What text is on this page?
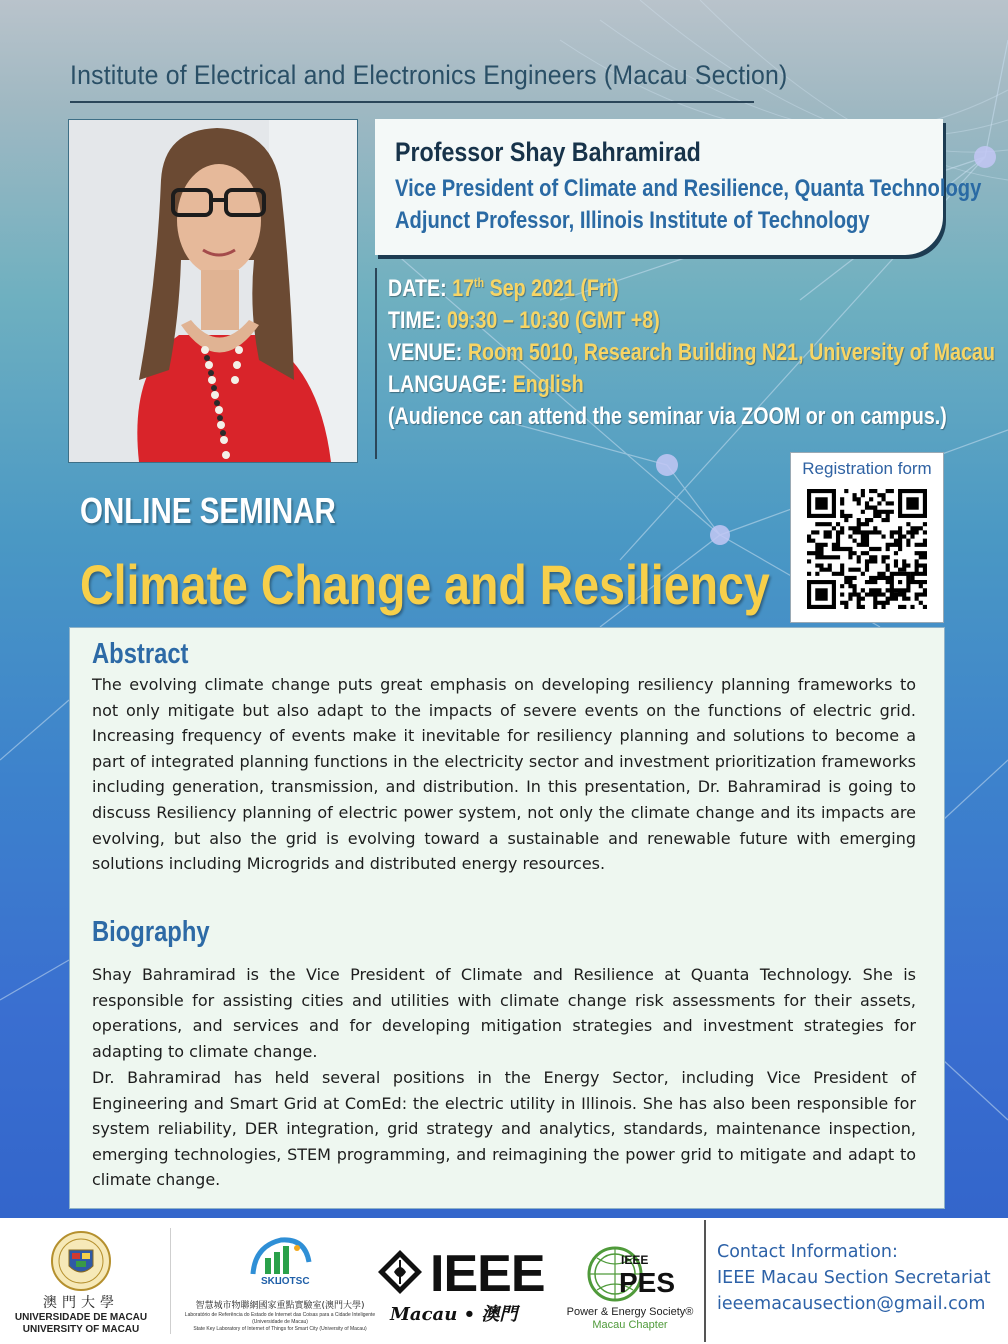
Institute of Electrical and Electronics Engineers (Macau Section)
Professor Shay Bahramirad
Vice President of Climate and Resilience, Quanta Technology
Adjunct Professor, Illinois Institute of Technology
DATE: 17th Sep 2021 (Fri)
TIME: 09:30 – 10:30 (GMT +8)
VENUE: Room 5010, Research Building N21, University of Macau
LANGUAGE: English
(Audience can attend the seminar via ZOOM or on campus.)
ONLINE SEMINAR
Climate Change and Resiliency
Registration form
Abstract

The evolving climate change puts great emphasis on developing resiliency planning frameworks to not only mitigate but also adapt to the impacts of severe events on the functions of electric grid. Increasing frequency of events make it inevitable for resiliency planning and solutions to become a part of integrated planning functions in the electricity sector and investment prioritization frameworks including generation, transmission, and distribution. In this presentation, Dr. Bahramirad is going to discuss Resiliency planning of electric power system, not only the climate change and its impacts are evolving, but also the grid is evolving toward a sustainable and renewable future with emerging solutions including Microgrids and distributed energy resources.

Biography

Shay Bahramirad is the Vice President of Climate and Resilience at Quanta Technology. She is responsible for assisting cities and utilities with climate change risk assessments for their assets, operations, and services and for developing mitigation strategies and investment strategies for adapting to climate change.

Dr. Bahramirad has held several positions in the Energy Sector, including Vice President of Engineering and Smart Grid at ComEd: the electric utility in Illinois. She has also been responsible for system reliability, DER integration, grid strategy and analytics, standards, maintenance inspection, emerging technologies, STEM programming, and reimagining the power grid to mitigate and adapt to climate change.

澳門大學
UNIVERSIDADE DE MACAU
UNIVERSITY OF MACAU
SKL
IOTSC
智慧城市物聯網國家重點實驗室(澳門大學)
Laboratório de Referência do Estado de Internet das Coisas para a Cidade Inteligente
(Universidade de Macau)
State Key Laboratory of Internet of Things for Smart City (University of Macau)
IEEE
Macau • 澳門
IEEE
PES
Power & Energy Society®
Macau Chapter
Contact Information:
IEEE Macau Section Secretariat
ieeemacausection@gmail.com
